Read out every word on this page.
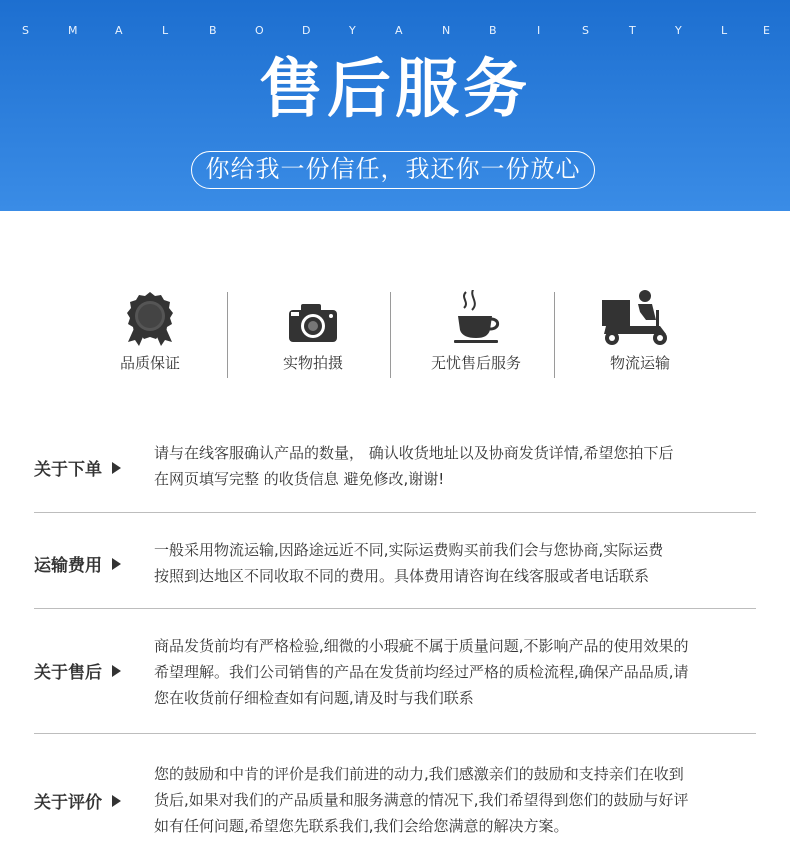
S	M	A	L	B	O	D	Y	A	N	B	I	S	T	Y	L	E
售后服务
你给我一份信任，我还你一份放心
品质保证	实物拍摄	无忧售后服务	物流运输
关于下单
请与在线客服确认产品的数量， 确认收货地址以及协商发货详情,希望您拍下后
在网页填写完整 的收货信息 避免修改,谢谢!
运输费用
一般采用物流运输,因路途远近不同,实际运费购买前我们会与您协商,实际运费
按照到达地区不同收取不同的费用。具体费用请咨询在线客服或者电话联系
关于售后
商品发货前均有严格检验,细微的小瑕疵不属于质量问题,不影响产品的使用效果的
希望理解。我们公司销售的产品在发货前均经过严格的质检流程,确保产品品质,请
您在收货前仔细检查如有问题,请及时与我们联系
关于评价
您的鼓励和中肯的评价是我们前进的动力,我们感激亲们的鼓励和支持亲们在收到
货后,如果对我们的产品质量和服务满意的情况下,我们希望得到您们的鼓励与好评
如有任何问题,希望您先联系我们,我们会给您满意的解决方案。
